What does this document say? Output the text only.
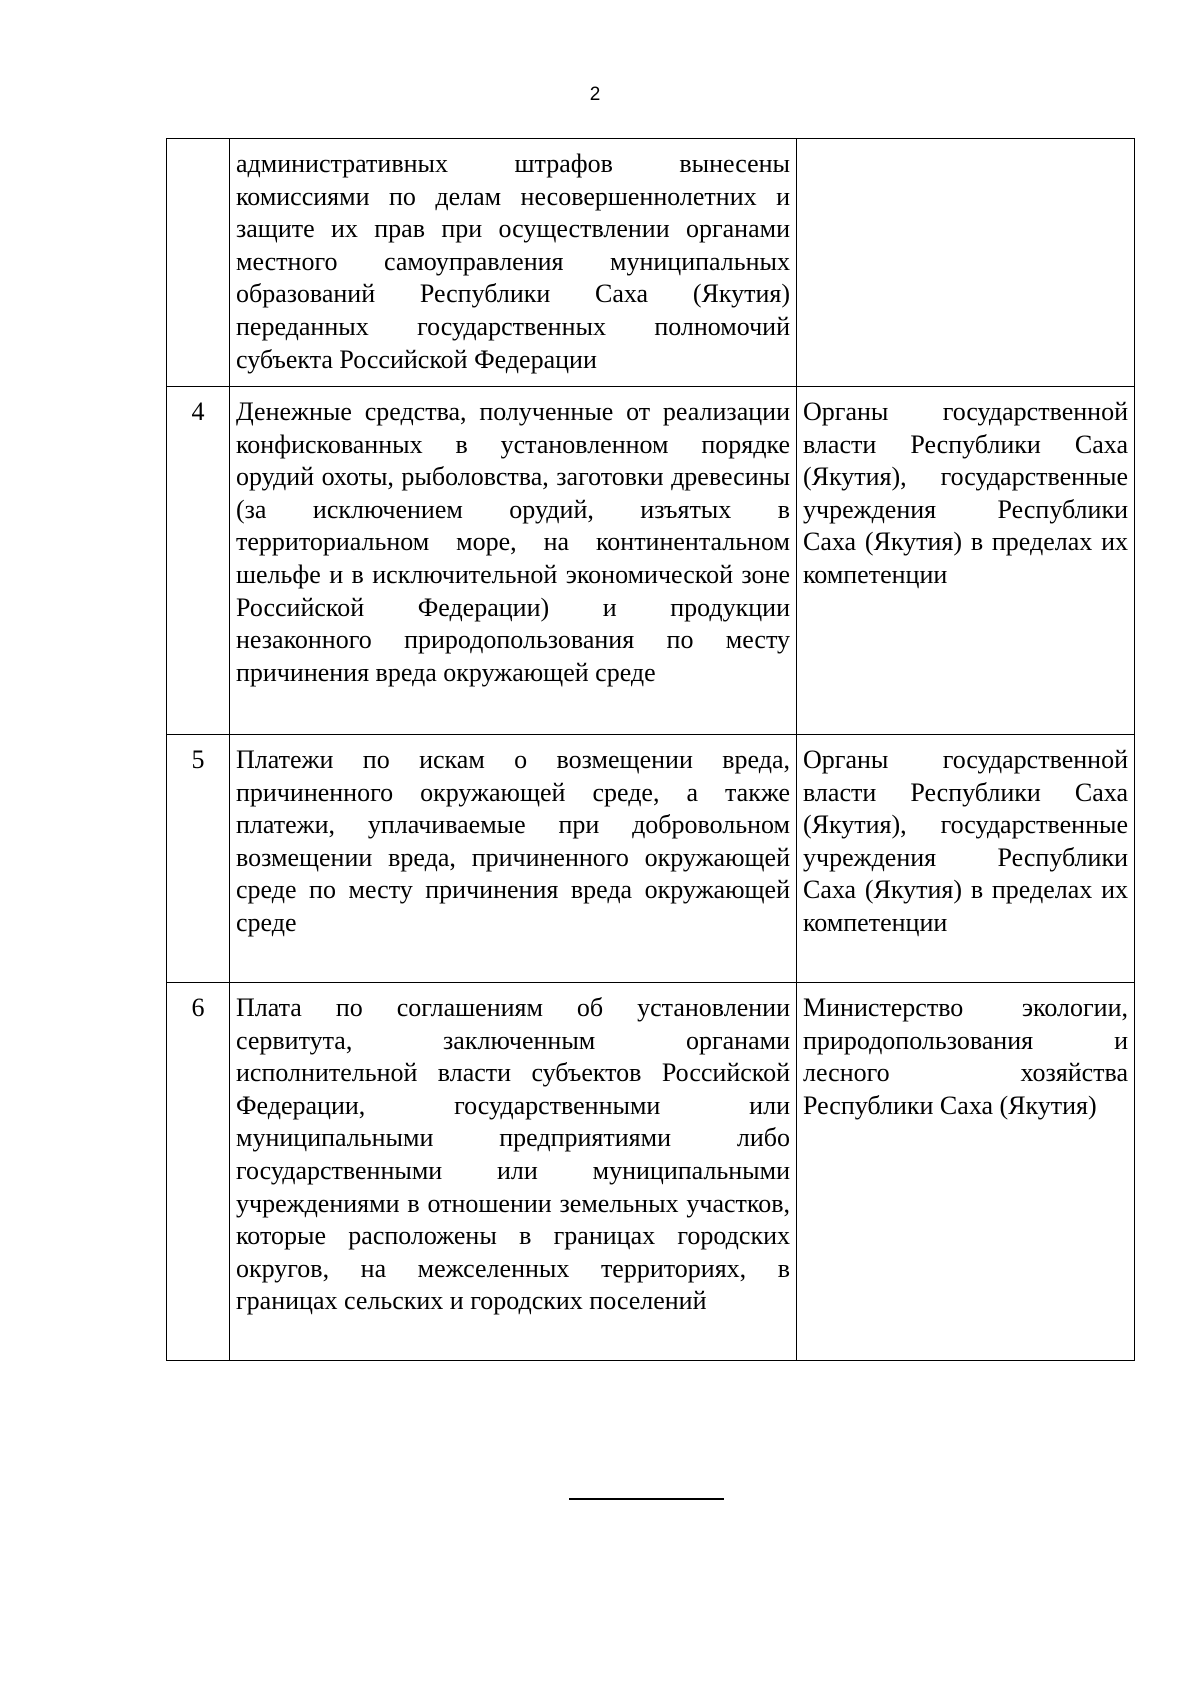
2
	административных штрафов вынесены комиссиями по делам несовершеннолетних и защите их прав при осуществлении органами местного самоуправления муниципальных образований Республики Саха (Якутия) переданных государственных полномочий субъекта Российской Федерации	
4	Денежные средства, полученные от реализации конфискованных в установленном порядке орудий охоты, рыболовства, заготовки древесины (за исключением орудий, изъятых в территориальном море, на континентальном шельфе и в исключительной экономической зоне Российской Федерации) и продукции незаконного природопользования по месту причинения вреда окружающей среде	Органы государственной власти Республики Саха (Якутия), государственные учреждения Республики Саха (Якутия) в пределах их компетенции
5	Платежи по искам о возмещении вреда, причиненного окружающей среде, а также платежи, уплачиваемые при добровольном возмещении вреда, причиненного окружающей среде по месту причинения вреда окружающей среде	Органы государственной власти Республики Саха (Якутия), государственные учреждения Республики Саха (Якутия) в пределах их компетенции
6	Плата по соглашениям об установлении сервитута, заключенным органами исполнительной власти субъектов Российской Федерации, государственными или муниципальными предприятиями либо государственными или муниципальными учреждениями в отношении земельных участков, которые расположены в границах городских округов, на межселенных территориях, в границах сельских и городских поселений	Министерство экологии, природопользования и лесного хозяйства Республики Саха (Якутия)
